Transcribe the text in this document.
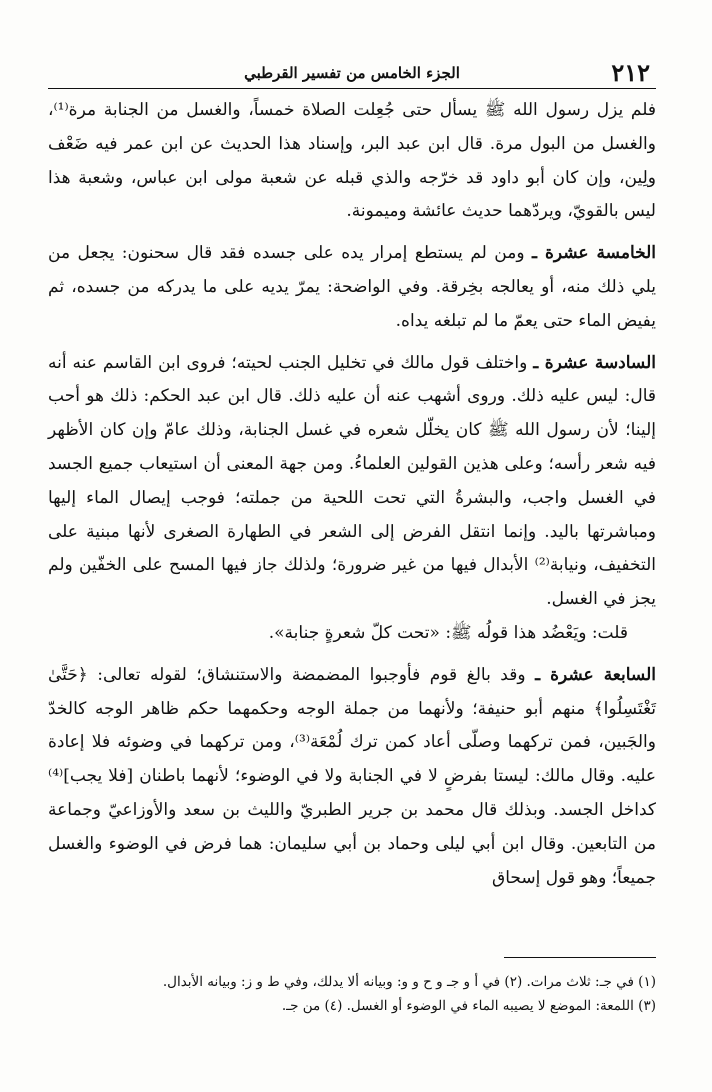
٢١٢
الجزء الخامس من تفسير القرطبي

فلم يزل رسول الله ﷺ يسأل حتى جُعِلت الصلاة خمساً، والغسل من الجنابة مرة⁽¹⁾، والغسل من البول مرة. قال ابن عبد البر، وإسناد هذا الحديث عن ابن عمر فيه ضَعْف ولِين، وإن كان أبو داود قد خرّجه والذي قبله عن شعبة مولى ابن عباس، وشعبة هذا ليس بالقويّ، ويردّهما حديث عائشة وميمونة.

الخامسة عشرة ـ ومن لم يستطع إمرار يده على جسده فقد قال سحنون: يجعل من يلي ذلك منه، أو يعالجه بخِرقة. وفي الواضحة: يمرّ يديه على ما يدركه من جسده، ثم يفيض الماء حتى يعمّ ما لم تبلغه يداه.

السادسة عشرة ـ واختلف قول مالك في تخليل الجنب لحيته؛ فروى ابن القاسم عنه أنه قال: ليس عليه ذلك. وروى أشهب عنه أن عليه ذلك. قال ابن عبد الحكم: ذلك هو أحب إلينا؛ لأن رسول الله ﷺ كان يخلّل شعره في غسل الجنابة، وذلك عامّ وإن كان الأظهر فيه شعر رأسه؛ وعلى هذين القولين العلماءُ. ومن جهة المعنى أن استيعاب جميع الجسد في الغسل واجب، والبشرةُ التي تحت اللحية من جملته؛ فوجب إيصال الماء إليها ومباشرتها باليد. وإنما انتقل الفرض إلى الشعر في الطهارة الصغرى لأنها مبنية على التخفيف، ونيابة⁽²⁾ الأبدال فيها من غير ضرورة؛ ولذلك جاز فيها المسح على الخفّين ولم يجز في الغسل.

قلت: ويَعْضُد هذا قولُه ﷺ: «تحت كلّ شعرةٍ جنابة».

السابعة عشرة ـ وقد بالغ قوم فأوجبوا المضمضة والاستنشاق؛ لقوله تعالى: ﴿حَتَّىٰ تَغْتَسِلُوا﴾ منهم أبو حنيفة؛ ولأنهما من جملة الوجه وحكمهما حكم ظاهر الوجه كالخدّ والجَبين، فمن تركهما وصلّى أعاد كمن ترك لُمْعَة⁽³⁾، ومن تركهما في وضوئه فلا إعادة عليه. وقال مالك: ليستا بفرضٍ لا في الجنابة ولا في الوضوء؛ لأنهما باطنان [فلا يجب]⁽⁴⁾ كداخل الجسد. وبذلك قال محمد بن جرير الطبريّ والليث بن سعد والأوزاعيّ وجماعة من التابعين. وقال ابن أبي ليلى وحماد بن أبي سليمان: هما فرض في الوضوء والغسل جميعاً؛ وهو قول إسحاق

(١) في جـ: ثلاث مرات. (٢) في أ و جـ و ح و و: وبيانه ألا يدلك، وفي ط و ز: وبيانه الأبدال.
(٣) اللمعة: الموضع لا يصيبه الماء في الوضوء أو الغسل. (٤) من جـ.
